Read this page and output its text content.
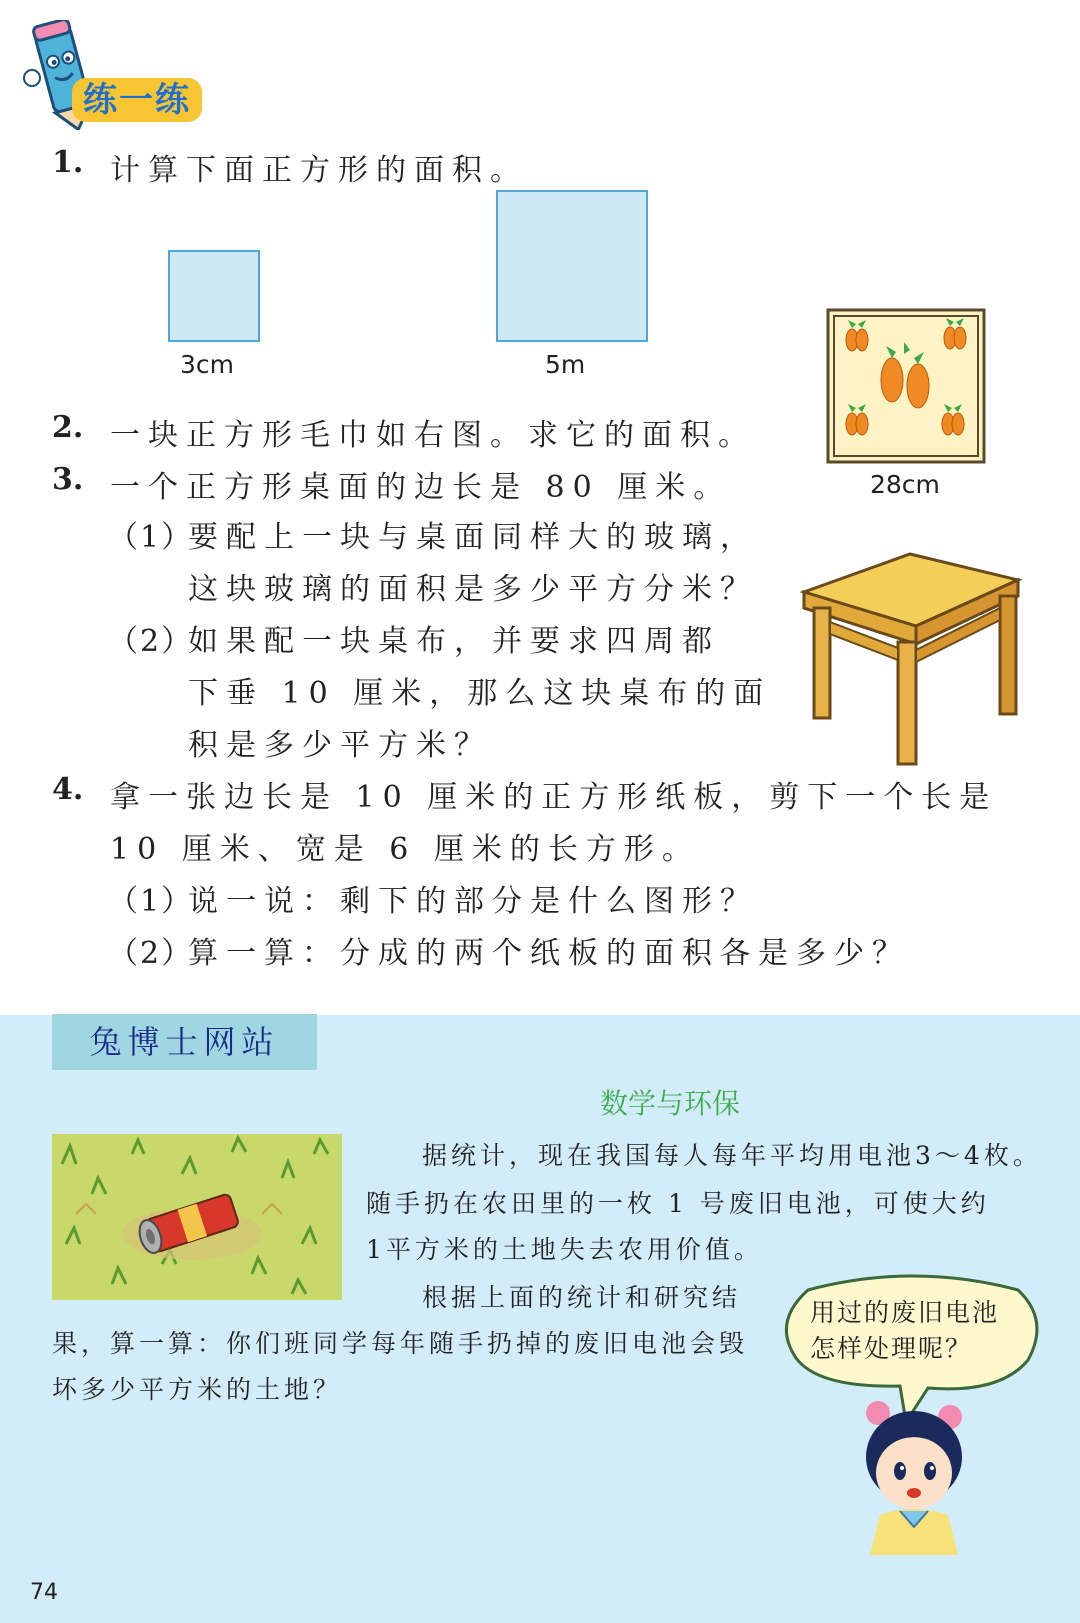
练一练
1. 计算下面正方形的面积。
3cm	5m
28cm
2. 一块正方形毛巾如右图。求它的面积。
3. 一个正方形桌面的边长是 80 厘米。
（1）
要配上一块与桌面同样大的玻璃，
这块玻璃的面积是多少平方分米？
（2）
如果配一块桌布，并要求四周都
下垂 10 厘米，那么这块桌布的面
积是多少平方米？
4. 拿一张边长是 10 厘米的正方形纸板，剪下一个长是
10 厘米、宽是 6 厘米的长方形。
（1）
说一说：剩下的部分是什么图形？
（2）
算一算：分成的两个纸板的面积各是多少？
兔博士网站
数学与环保
据统计，现在我国每人每年平均用电池3～4枚。
随手扔在农田里的一枚 1 号废旧电池，可使大约
1平方米的土地失去农用价值。
根据上面的统计和研究结
果，算一算：你们班同学每年随手扔掉的废旧电池会毁
坏多少平方米的土地？
用过的废旧电池
怎样处理呢？
74
